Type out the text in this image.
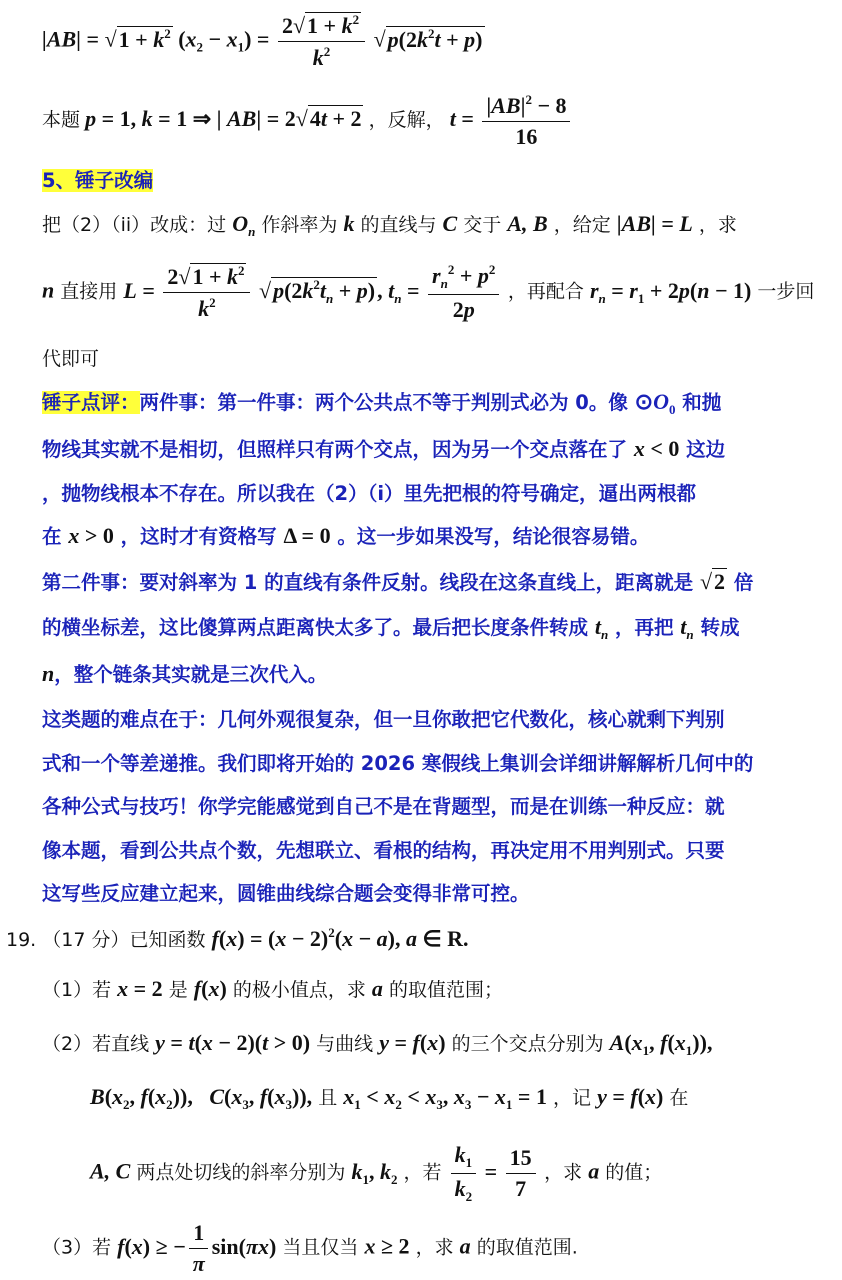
$|AB| = √1 + k^2$ $(x_2 - x_1) = \frac{2√1 + k^2}{k^2} √p(2k^2t + p)$
本题 p = 1, k = 1 ⇒ | AB| = 2√4t + 2 ，反解， $t = \frac{|AB|^2 - 8}{16}$
5、锤子改编
把（2）（ii）改成：过 $O_n$ 作斜率为 k 的直线与 C 交于 A, B ，给定 |AB| = L ，求
n 直接用 $L = \frac{2√1 + k^2}{k^2} √p(2k^2t_n + p)$, $t_n = \frac{r_n^2 + p^2}{2p}$ ，再配合 $r_n = r_1 + 2p(n - 1)$ 一步回
代即可
锤子点评：两件事：第一件事：两个公共点不等于判别式必为 0。像 $⊙O_0$ 和抛
物线其实就不是相切，但照样只有两个交点，因为另一个交点落在了 x < 0 这边
，抛物线根本不存在。所以我在（2）（i）里先把根的符号确定，逼出两根都
在 x > 0 ，这时才有资格写 Δ = 0 。这一步如果没写，结论很容易错。
第二件事：要对斜率为 1 的直线有条件反射。线段在这条直线上，距离就是 √2 倍
的横坐标差，这比傻算两点距离快太多了。最后把长度条件转成 $t_n$ ，再把 $t_n$ 转成
n，整个链条其实就是三次代入。
这类题的难点在于：几何外观很复杂，但一旦你敢把它代数化，核心就剩下判别
式和一个等差递推。我们即将开始的 2026 寒假线上集训会详细讲解解析几何中的
各种公式与技巧！你学完能感觉到自己不是在背题型，而是在训练一种反应：就
像本题，看到公共点个数，先想联立、看根的结构，再决定用不用判别式。只要
这写些反应建立起来，圆锥曲线综合题会变得非常可控。
19. （17 分）已知函数 $f(x) = (x - 2)^2(x - a)$, a ∈ R.
（1）若 x = 2 是 f(x) 的极小值点，求 a 的取值范围；
（2）若直线 y = t(x − 2)(t > 0) 与曲线 y = f(x) 的三个交点分别为 $A(x_1$, $f(x_1)$),
$B(x_2$, $f(x_2)$),   $C(x_3$, $f(x_3)$), 且 $x_1 < x_2 < x_3$, $x_3 - x_1 = 1$ ，记 y = f(x) 在
A, C 两点处切线的斜率分别为 $k_1$, $k_2$ ，若 $\frac{k_1}{k_2} = \frac{15}{7}$ ，求 a 的值；
（3）若 f(x) ≥ − $\frac{1}{\pi} \sin(\pi x)$ 当且仅当 x ≥ 2 ，求 a 的取值范围.
